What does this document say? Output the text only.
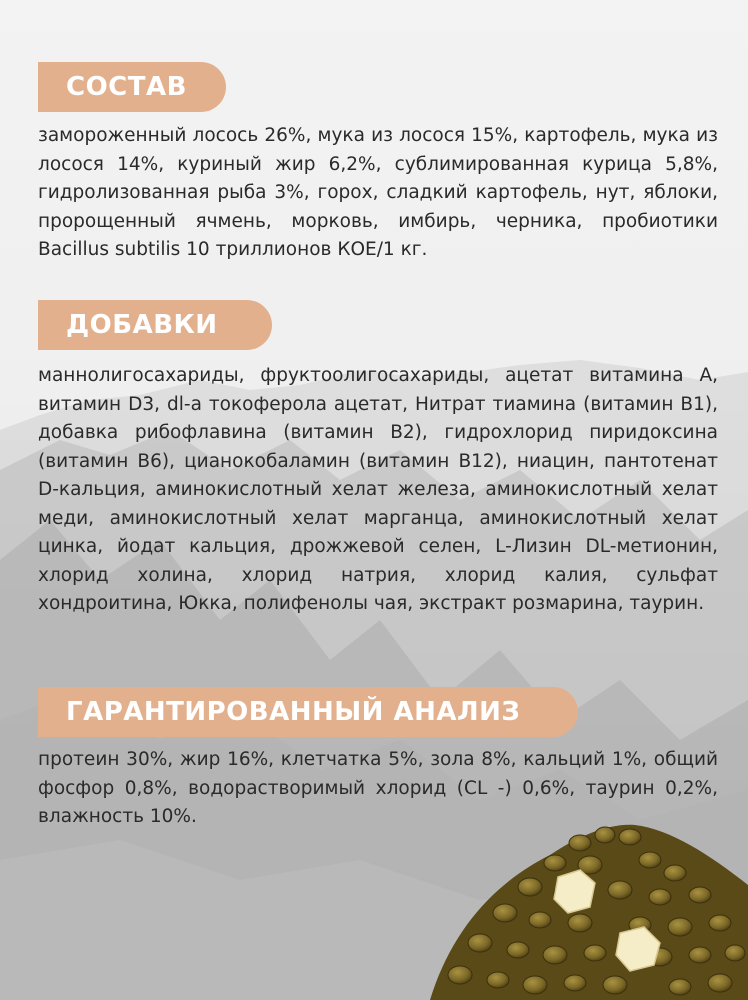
СОСТАВ
замороженный лосось 26%, мука из лосося 15%, картофель, мука из лосося 14%, куриный жир 6,2%, сублимированная курица 5,8%, гидролизованная рыба 3%, горох, сладкий картофель, нут, яблоки, пророщенный ячмень, морковь, имбирь, черника, пробиотики Bacillus subtilis 10 триллионов КОЕ/1 кг.
ДОБАВКИ
маннолигосахариды, фруктоолигосахариды, ацетат витамина А, витамин D3, dl-a токоферола ацетат, Нитрат тиамина (витамин В1), добавка рибофлавина (витамин В2), гидрохлорид пиридоксина (витамин В6), цианокобаламин (витамин В12), ниацин, пантотенат D-кальция, аминокислотный хелат железа, аминокислотный хелат меди, аминокислотный хелат марганца, аминокислотный хелат цинка, йодат кальция, дрожжевой селен, L-Лизин DL-метионин, хлорид холина, хлорид натрия, хлорид калия, сульфат хондроитина, Юкка, полифенолы чая, экстракт розмарина, таурин.
ГАРАНТИРОВАННЫЙ АНАЛИЗ
протеин 30%, жир 16%, клетчатка 5%, зола 8%, кальций 1%, общий фосфор 0,8%, водорастворимый хлорид (CL -) 0,6%, таурин 0,2%, влажность 10%.
